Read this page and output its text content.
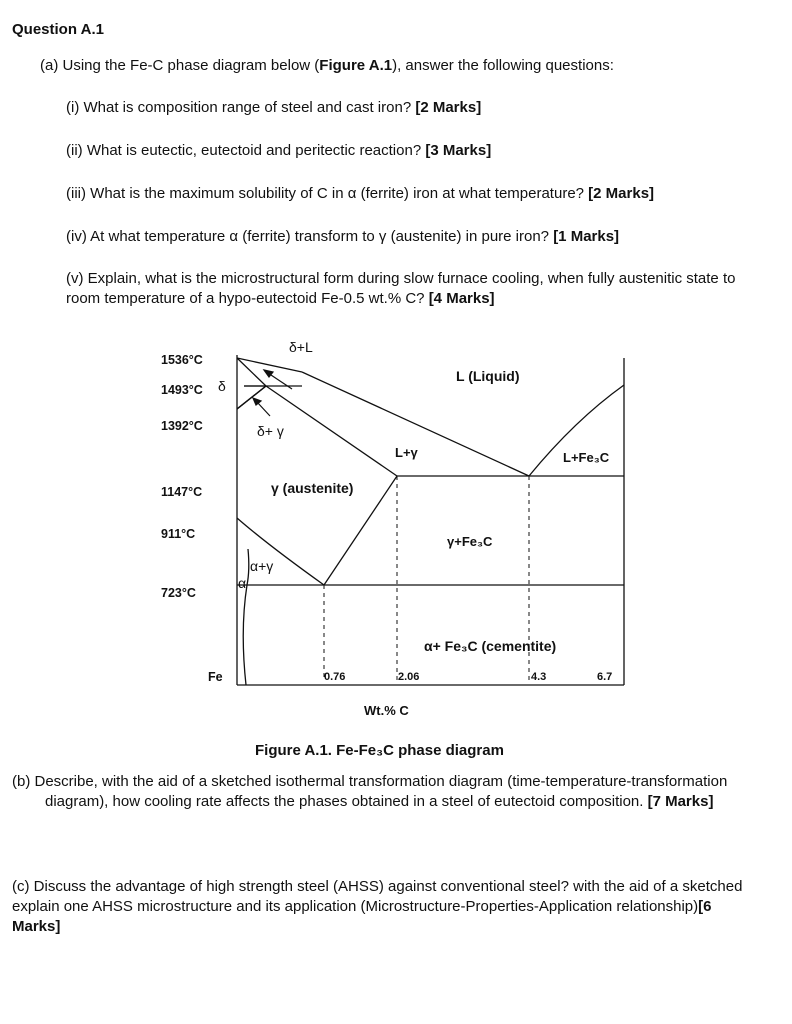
Question A.1
(a) Using the Fe-C phase diagram below (Figure A.1), answer the following questions:
(i) What is composition range of steel and cast iron? [2 Marks]
(ii) What is eutectic, eutectoid and peritectic reaction? [3 Marks]
(iii) What is the maximum solubility of C in α (ferrite) iron at what temperature? [2 Marks]
(iv) At what temperature α (ferrite) transform to γ (austenite) in pure iron? [1 Marks]
(v) Explain, what is the microstructural form during slow furnace cooling, when fully austenitic state to room temperature of a hypo-eutectoid Fe-0.5 wt.% C? [4 Marks]
1536°C
1493°C
1392°C
1147°C
911°C
723°C
Fe
Wt.% C
0.76	2.06	4.3	6.7
δ
δ+L
L (Liquid)
δ+ γ
L+γ	L+Fe₃C
γ (austenite)
γ+Fe₃C
α+γ
α
α+ Fe₃C (cementite)
Figure A.1. Fe-Fe₃C phase diagram
(b) Describe, with the aid of a sketched isothermal transformation diagram (time-temperature-transformation diagram), how cooling rate affects the phases obtained in a steel of eutectoid composition. [7 Marks]
(c) Discuss the advantage of high strength steel (AHSS) against conventional steel? with the aid of a sketched explain one AHSS microstructure and its application (Microstructure-Properties-Application relationship)[6 Marks]
